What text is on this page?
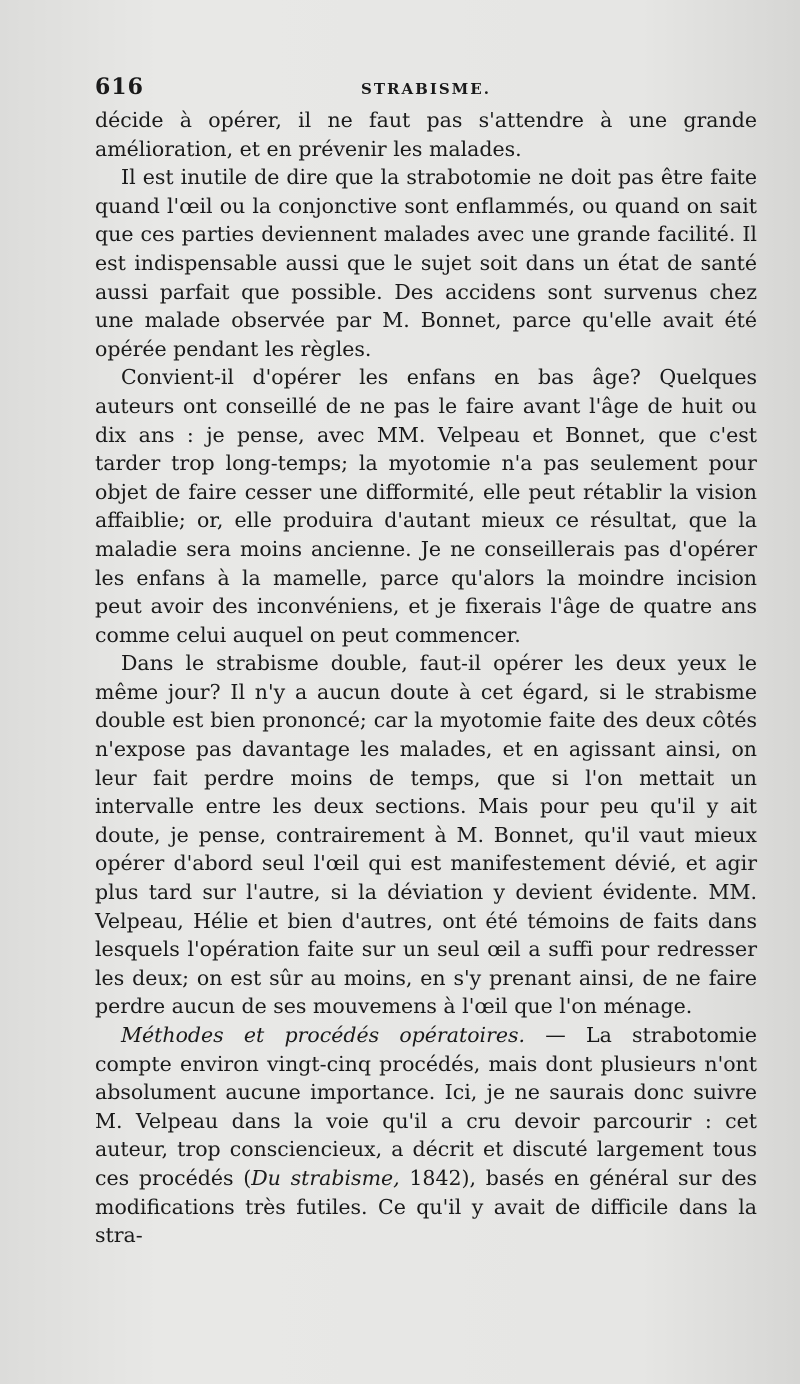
616	STRABISME.

décide à opérer, il ne faut pas s'attendre à une grande amélioration, et en prévenir les malades.

Il est inutile de dire que la strabotomie ne doit pas être faite quand l'œil ou la conjonctive sont enflammés, ou quand on sait que ces parties deviennent malades avec une grande facilité. Il est indispensable aussi que le sujet soit dans un état de santé aussi parfait que possible. Des accidens sont survenus chez une malade observée par M. Bonnet, parce qu'elle avait été opérée pendant les règles.

Convient-il d'opérer les enfans en bas âge? Quelques auteurs ont conseillé de ne pas le faire avant l'âge de huit ou dix ans : je pense, avec MM. Velpeau et Bonnet, que c'est tarder trop long-temps; la myotomie n'a pas seulement pour objet de faire cesser une difformité, elle peut rétablir la vision affaiblie; or, elle produira d'autant mieux ce résultat, que la maladie sera moins ancienne. Je ne conseillerais pas d'opérer les enfans à la mamelle, parce qu'alors la moindre incision peut avoir des inconvéniens, et je fixerais l'âge de quatre ans comme celui auquel on peut commencer.

Dans le strabisme double, faut-il opérer les deux yeux le même jour? Il n'y a aucun doute à cet égard, si le strabisme double est bien prononcé; car la myotomie faite des deux côtés n'expose pas davantage les malades, et en agissant ainsi, on leur fait perdre moins de temps, que si l'on mettait un intervalle entre les deux sections. Mais pour peu qu'il y ait doute, je pense, contrairement à M. Bonnet, qu'il vaut mieux opérer d'abord seul l'œil qui est manifestement dévié, et agir plus tard sur l'autre, si la déviation y devient évidente. MM. Velpeau, Hélie et bien d'autres, ont été témoins de faits dans lesquels l'opération faite sur un seul œil a suffi pour redresser les deux; on est sûr au moins, en s'y prenant ainsi, de ne faire perdre aucun de ses mouvemens à l'œil que l'on ménage.

Méthodes et procédés opératoires. — La strabotomie compte environ vingt-cinq procédés, mais dont plusieurs n'ont absolument aucune importance. Ici, je ne saurais donc suivre M. Velpeau dans la voie qu'il a cru devoir parcourir : cet auteur, trop consciencieux, a décrit et discuté largement tous ces procédés (Du strabisme, 1842), basés en général sur des modifications très futiles. Ce qu'il y avait de difficile dans la stra-
